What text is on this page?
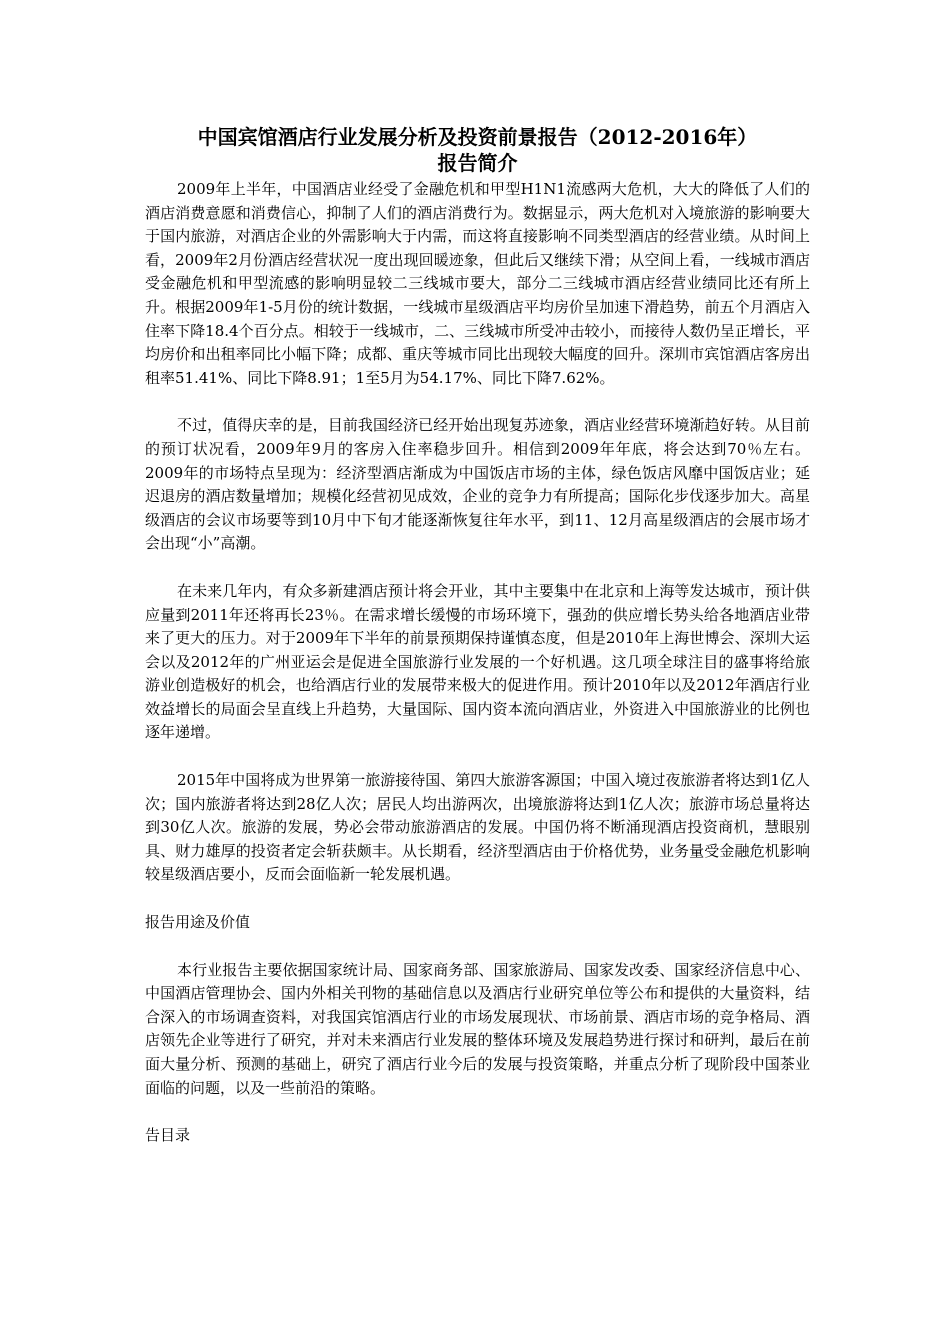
中国宾馆酒店行业发展分析及投资前景报告（2012-2016年）
报告简介

2009年上半年，中国酒店业经受了金融危机和甲型H1N1流感两大危机，大大的降低了人们的酒店消费意愿和消费信心，抑制了人们的酒店消费行为。数据显示，两大危机对入境旅游的影响要大于国内旅游，对酒店企业的外需影响大于内需，而这将直接影响不同类型酒店的经营业绩。从时间上看，2009年2月份酒店经营状况一度出现回暖迹象，但此后又继续下滑；从空间上看，一线城市酒店受金融危机和甲型流感的影响明显较二三线城市要大，部分二三线城市酒店经营业绩同比还有所上升。根据2009年1-5月份的统计数据，一线城市星级酒店平均房价呈加速下滑趋势，前五个月酒店入住率下降18.4个百分点。相较于一线城市，二、三线城市所受冲击较小，而接待人数仍呈正增长，平均房价和出租率同比小幅下降；成都、重庆等城市同比出现较大幅度的回升。深圳市宾馆酒店客房出租率51.41%、同比下降8.91；1至5月为54.17%、同比下降7.62%。

不过，值得庆幸的是，目前我国经济已经开始出现复苏迹象，酒店业经营环境渐趋好转。从目前的预订状况看，2009年9月的客房入住率稳步回升。相信到2009年年底，将会达到70％左右。2009年的市场特点呈现为：经济型酒店渐成为中国饭店市场的主体，绿色饭店风靡中国饭店业；延迟退房的酒店数量增加；规模化经营初见成效，企业的竞争力有所提高；国际化步伐逐步加大。高星级酒店的会议市场要等到10月中下旬才能逐渐恢复往年水平，到11、12月高星级酒店的会展市场才会出现“小”高潮。

在未来几年内，有众多新建酒店预计将会开业，其中主要集中在北京和上海等发达城市，预计供应量到2011年还将再长23％。在需求增长缓慢的市场环境下，强劲的供应增长势头给各地酒店业带来了更大的压力。对于2009年下半年的前景预期保持谨慎态度，但是2010年上海世博会、深圳大运会以及2012年的广州亚运会是促进全国旅游行业发展的一个好机遇。这几项全球注目的盛事将给旅游业创造极好的机会，也给酒店行业的发展带来极大的促进作用。预计2010年以及2012年酒店行业效益增长的局面会呈直线上升趋势，大量国际、国内资本流向酒店业，外资进入中国旅游业的比例也逐年递增。

2015年中国将成为世界第一旅游接待国、第四大旅游客源国；中国入境过夜旅游者将达到1亿人次；国内旅游者将达到28亿人次；居民人均出游两次，出境旅游将达到1亿人次；旅游市场总量将达到30亿人次。旅游的发展，势必会带动旅游酒店的发展。中国仍将不断涌现酒店投资商机，慧眼别具、财力雄厚的投资者定会斩获颇丰。从长期看，经济型酒店由于价格优势，业务量受金融危机影响较星级酒店要小，反而会面临新一轮发展机遇。

报告用途及价值

本行业报告主要依据国家统计局、国家商务部、国家旅游局、国家发改委、国家经济信息中心、中国酒店管理协会、国内外相关刊物的基础信息以及酒店行业研究单位等公布和提供的大量资料，结合深入的市场调查资料，对我国宾馆酒店行业的市场发展现状、市场前景、酒店市场的竞争格局、酒店领先企业等进行了研究，并对未来酒店行业发展的整体环境及发展趋势进行探讨和研判，最后在前面大量分析、预测的基础上，研究了酒店行业今后的发展与投资策略，并重点分析了现阶段中国茶业面临的问题，以及一些前沿的策略。

告目录
